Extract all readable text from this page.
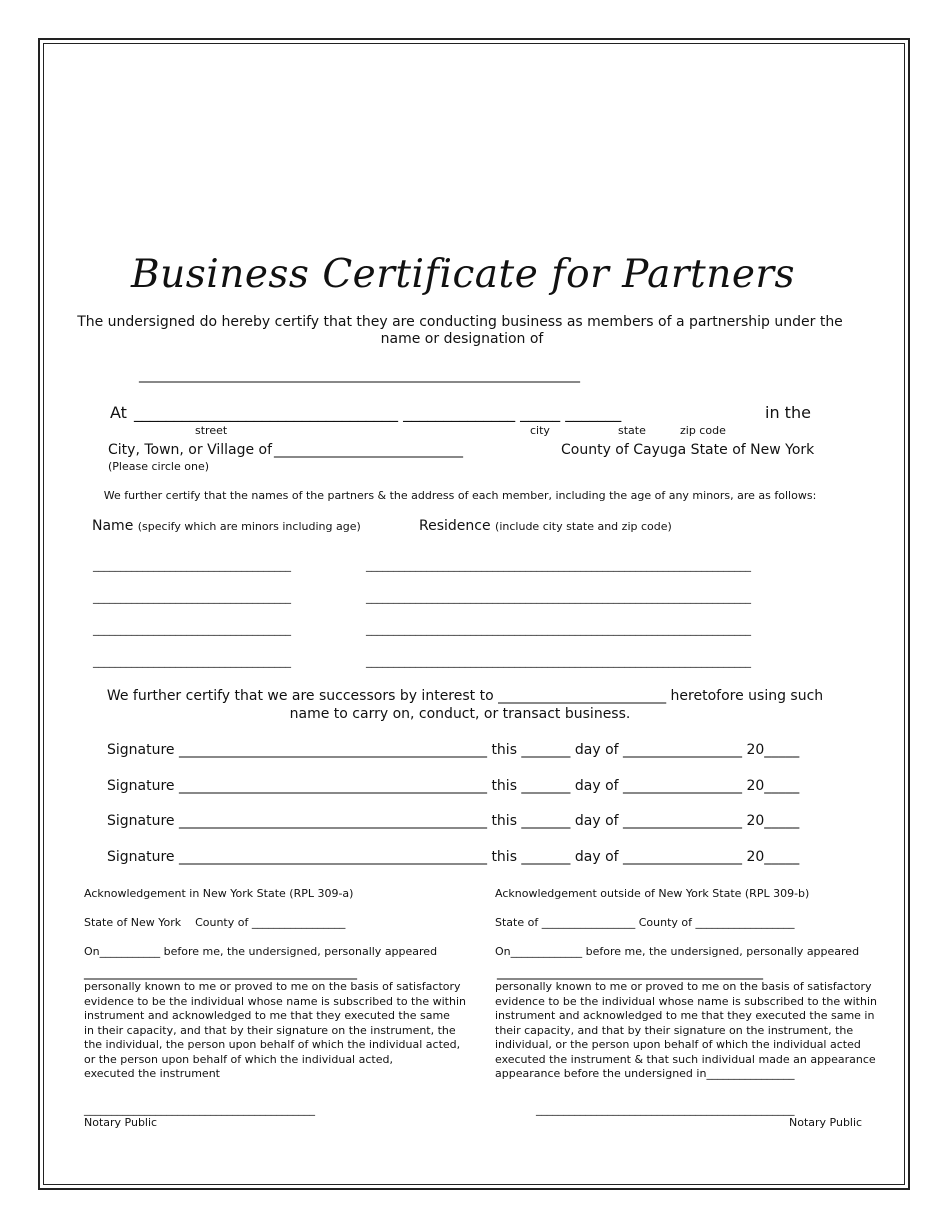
Business Certificate for Partners
The undersigned do hereby certify that they are conducting business as members of a partnership under the
name or designation of
_______________________________________________________________
At _________________________________ ______________ _____ _______	in the
street	city	state	zip code
City, Town, or Village of ___________________________	County of Cayuga State of New York
(Please circle one)
We further certify that the names of the partners & the address of each member, including the age of any minors, are as follows:
Name (specify which are minors including age)	Residence (include city state and zip code)
____________________________________	______________________________________________________________________
____________________________________	______________________________________________________________________
____________________________________	______________________________________________________________________
____________________________________	______________________________________________________________________
We further certify that we are successors by interest to ________________________ heretofore using such
name to carry on, conduct, or transact business.
Signature ____________________________________________ this _______ day of _________________ 20_____
Signature ____________________________________________ this _______ day of _________________ 20_____
Signature ____________________________________________ this _______ day of _________________ 20_____
Signature ____________________________________________ this _______ day of _________________ 20_____
Acknowledgement in New York State (RPL 309-a)
State of New York    County of _________________
On___________ before me, the undersigned, personally appeared
_______________________________________
personally known to me or proved to me on the basis of satisfactory
evidence to be the individual whose name is subscribed to the within
instrument and acknowledged to me that they executed the same
in their capacity, and that by their signature on the instrument, the
the individual, the person upon behalf of which the individual acted,
or the person upon behalf of which the individual acted,
executed the instrument
__________________________________________
Notary Public
Acknowledgement outside of New York State (RPL 309-b)
State of _________________ County of __________________
On_____________ before me, the undersigned, personally appeared
______________________________________
personally known to me or proved to me on the basis of satisfactory
evidence to be the individual whose name is subscribed to the within
instrument and acknowledged to me that they executed the same in
their capacity, and that by their signature on the instrument, the
individual, or the person upon behalf of which the individual acted
executed the instrument & that such individual made an appearance
appearance before the undersigned in________________
_______________________________________________
Notary Public
